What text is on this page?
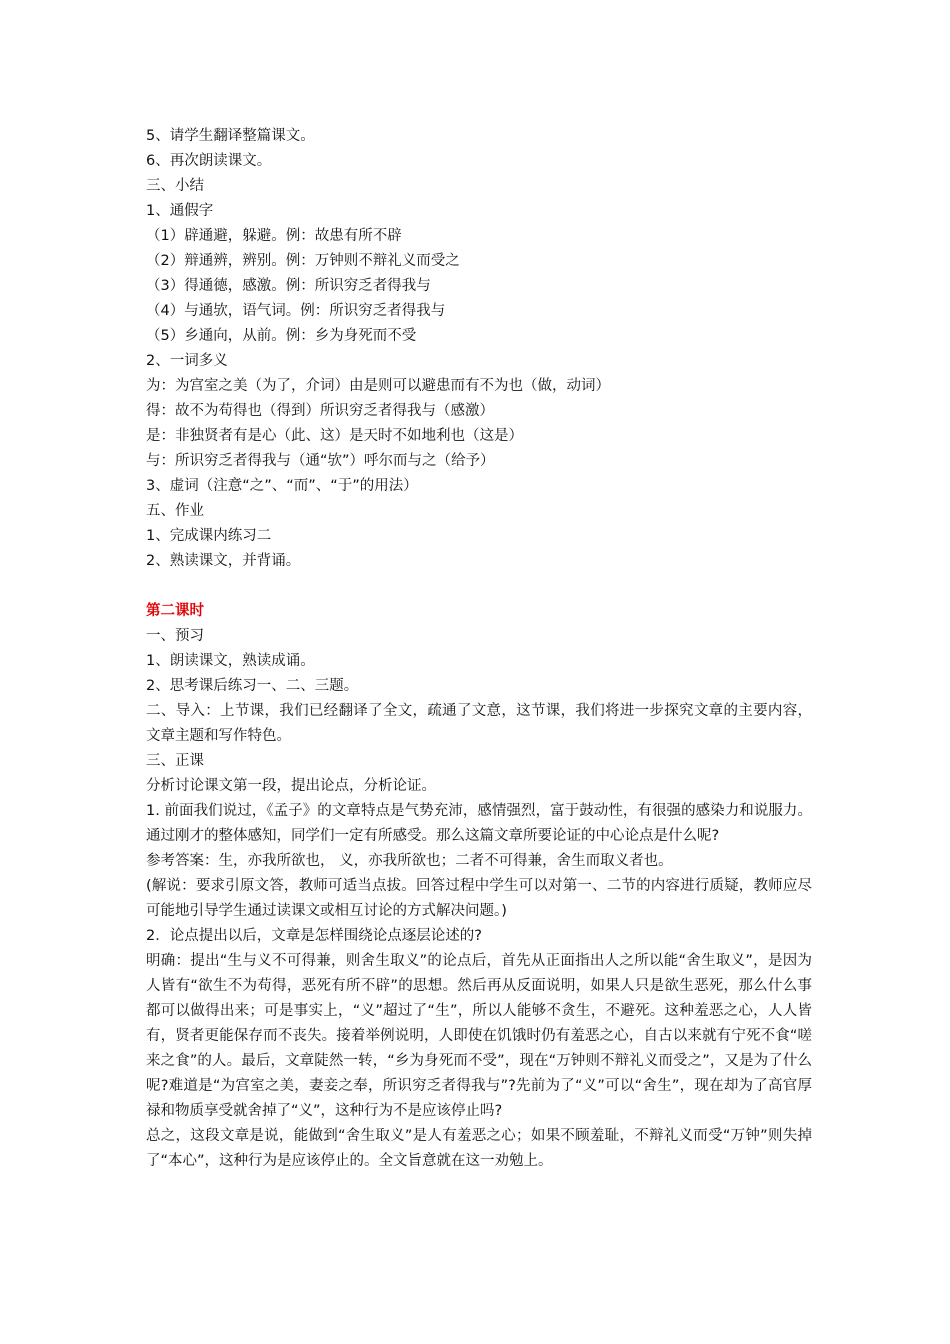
5、请学生翻译整篇课文。
6、再次朗读课文。
三、小结
1、通假字
（1）辟通避，躲避。例：故患有所不辟
（2）辩通辨，辨别。例：万钟则不辩礼义而受之
（3）得通德，感激。例：所识穷乏者得我与
（4）与通欤，语气词。例：所识穷乏者得我与
（5）乡通向，从前。例：乡为身死而不受
2、一词多义
为：为宫室之美（为了，介词）由是则可以避患而有不为也（做，动词）
得：故不为苟得也（得到）所识穷乏者得我与（感激）
是：非独贤者有是心（此、这）是天时不如地利也（这是）
与：所识穷乏者得我与（通“欤”）呼尔而与之（给予）
3、虚词（注意“之”、“而”、“于”的用法）
五、作业
1、完成课内练习二
2、熟读课文，并背诵。
第二课时
一、预习
1、朗读课文，熟读成诵。
2、思考课后练习一、二、三题。
二、导入：上节课，我们已经翻译了全文，疏通了文意，这节课，我们将进一步探究文章的主要内容，文章主题和写作特色。
三、正课
分析讨论课文第一段，提出论点，分析论证。
1. 前面我们说过，《孟子》的文章特点是气势充沛，感情强烈，富于鼓动性，有很强的感染力和说服力。通过刚才的整体感知，同学们一定有所感受。那么这篇文章所要论证的中心论点是什么呢?
参考答案：生，亦我所欲也， 义，亦我所欲也；二者不可得兼，舍生而取义者也。
(解说：要求引原文答，教师可适当点拔。回答过程中学生可以对第一、二节的内容进行质疑，教师应尽可能地引导学生通过读课文或相互讨论的方式解决问题。)
2．论点提出以后，文章是怎样围绕论点逐层论述的?
明确：提出“生与义不可得兼，则舍生取义”的论点后，首先从正面指出人之所以能“舍生取义”，是因为人皆有“欲生不为苟得，恶死有所不辟”的思想。然后再从反面说明，如果人只是欲生恶死，那么什么事都可以做得出来；可是事实上，“义”超过了“生”，所以人能够不贪生，不避死。这种羞恶之心，人人皆有，贤者更能保存而不丧失。接着举例说明，人即使在饥饿时仍有羞恶之心，自古以来就有宁死不食“嗟来之食”的人。最后，文章陡然一转，“乡为身死而不受”，现在“万钟则不辩礼义而受之”，又是为了什么呢?难道是“为宫室之美，妻妾之奉，所识穷乏者得我与”?先前为了“义”可以“舍生”，现在却为了高官厚禄和物质享受就舍掉了“义”，这种行为不是应该停止吗?
总之，这段文章是说，能做到“舍生取义”是人有羞恶之心；如果不顾羞耻，不辩礼义而受“万钟”则失掉了“本心”，这种行为是应该停止的。全文旨意就在这一劝勉上。
